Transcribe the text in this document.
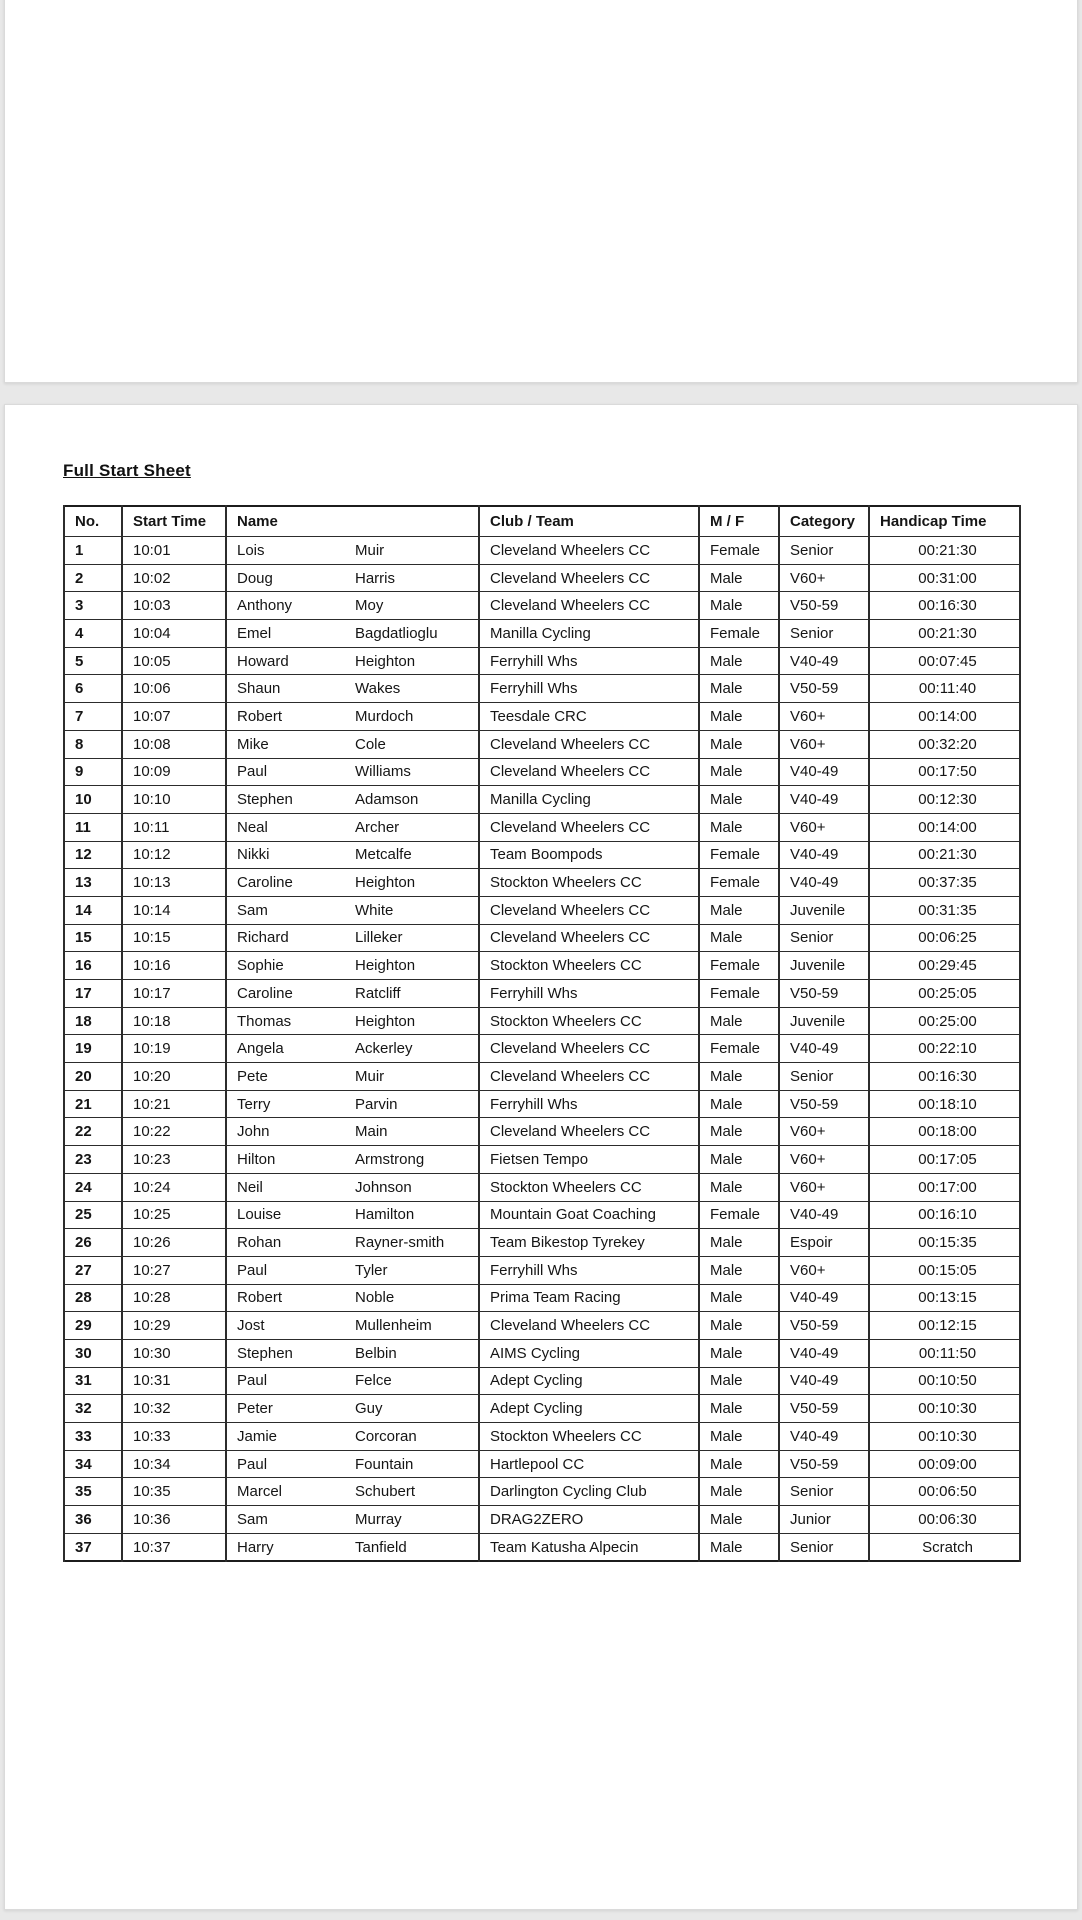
Full Start Sheet
No.	Start Time	Name	Club / Team	M / F	Category	Handicap Time
1	10:01	Lois Muir	Cleveland Wheelers CC	Female	Senior	00:21:30
2	10:02	Doug Harris	Cleveland Wheelers CC	Male	V60+	00:31:00
3	10:03	Anthony Moy	Cleveland Wheelers CC	Male	V50-59	00:16:30
4	10:04	Emel Bagdatlioglu	Manilla Cycling	Female	Senior	00:21:30
5	10:05	Howard Heighton	Ferryhill Whs	Male	V40-49	00:07:45
6	10:06	Shaun Wakes	Ferryhill Whs	Male	V50-59	00:11:40
7	10:07	Robert Murdoch	Teesdale CRC	Male	V60+	00:14:00
8	10:08	Mike Cole	Cleveland Wheelers CC	Male	V60+	00:32:20
9	10:09	Paul Williams	Cleveland Wheelers CC	Male	V40-49	00:17:50
10	10:10	Stephen Adamson	Manilla Cycling	Male	V40-49	00:12:30
11	10:11	Neal Archer	Cleveland Wheelers CC	Male	V60+	00:14:00
12	10:12	Nikki Metcalfe	Team Boompods	Female	V40-49	00:21:30
13	10:13	Caroline Heighton	Stockton Wheelers CC	Female	V40-49	00:37:35
14	10:14	Sam White	Cleveland Wheelers CC	Male	Juvenile	00:31:35
15	10:15	Richard Lilleker	Cleveland Wheelers CC	Male	Senior	00:06:25
16	10:16	Sophie Heighton	Stockton Wheelers CC	Female	Juvenile	00:29:45
17	10:17	Caroline Ratcliff	Ferryhill Whs	Female	V50-59	00:25:05
18	10:18	Thomas Heighton	Stockton Wheelers CC	Male	Juvenile	00:25:00
19	10:19	Angela Ackerley	Cleveland Wheelers CC	Female	V40-49	00:22:10
20	10:20	Pete Muir	Cleveland Wheelers CC	Male	Senior	00:16:30
21	10:21	Terry Parvin	Ferryhill Whs	Male	V50-59	00:18:10
22	10:22	John Main	Cleveland Wheelers CC	Male	V60+	00:18:00
23	10:23	Hilton Armstrong	Fietsen Tempo	Male	V60+	00:17:05
24	10:24	Neil Johnson	Stockton Wheelers CC	Male	V60+	00:17:00
25	10:25	Louise Hamilton	Mountain Goat Coaching	Female	V40-49	00:16:10
26	10:26	Rohan Rayner-smith	Team Bikestop Tyrekey	Male	Espoir	00:15:35
27	10:27	Paul Tyler	Ferryhill Whs	Male	V60+	00:15:05
28	10:28	Robert Noble	Prima Team Racing	Male	V40-49	00:13:15
29	10:29	Jost Mullenheim	Cleveland Wheelers CC	Male	V50-59	00:12:15
30	10:30	Stephen Belbin	AIMS Cycling	Male	V40-49	00:11:50
31	10:31	Paul Felce	Adept Cycling	Male	V40-49	00:10:50
32	10:32	Peter Guy	Adept Cycling	Male	V50-59	00:10:30
33	10:33	Jamie Corcoran	Stockton Wheelers CC	Male	V40-49	00:10:30
34	10:34	Paul Fountain	Hartlepool CC	Male	V50-59	00:09:00
35	10:35	Marcel Schubert	Darlington Cycling Club	Male	Senior	00:06:50
36	10:36	Sam Murray	DRAG2ZERO	Male	Junior	00:06:30
37	10:37	Harry Tanfield	Team Katusha Alpecin	Male	Senior	Scratch
